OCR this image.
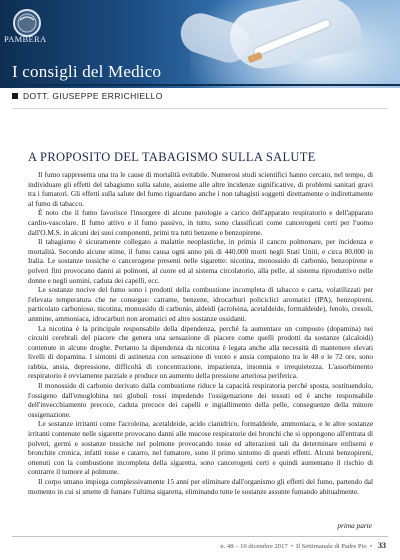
PAMBERA
I consigli del Medico
DOTT. GIUSEPPE ERRICHIELLO
A PROPOSITO DEL TABAGISMO SULLA SALUTE

Il fumo rappresenta una tra le cause di mortalità evitabile. Numerosi studi scientifici hanno cercato, nel tempo, di individuare gli effetti del tabagismo sulla salute, assieme alle altre incidenze significative, di problemi sanitari gravi tra i fumatori. Gli effetti sulla salute del fumo riguardano anche i non tabagisti soggetti direttamente o indirettamente al fumo di tabacco.

È noto che il fumo favorisce l'insorgere di alcune patologie a carico dell'apparato respiratorio e dell'apparato cardio-vascolare. Il fumo attivo e il fumo passivo, in tutto, sono classificati come cancerogeni certi per l'uomo dall'O.M.S. in alcuni dei suoi componenti, primi tra tutti benzene e benzopirene.

Il tabagismo è sicuramente collegato a malattie neoplastiche, in primis il cancro polmonare, per incidenza e mortalità. Secondo alcune stime, il fumo causa ogni anno più di 440.000 morti negli Stati Uniti, e circa 80.000 in Italia. Le sostanze tossiche o cancerogene presenti nelle sigarette: nicotina, monossido di carbonio, benzopirene e polveri fini provocano danni ai polmoni, al cuore ed al sistema circolatorio, alla pelle, al sistema riproduttivo nelle donne e negli uomini, caduta dei capelli, ecc.

Le sostanze nocive del fumo sono i prodotti della combustione incompleta di tabacco e carta, volatilizzati per l'elevata temperatura che ne consegue: catrame, benzene, idrocarburi policiclici aromatici (IPA), benzopireni, particolato carbonioso, nicotina, monossido di carbonio, aldeidi (acroleina, acetaldeide, formaldeide), fenolo, cresoli, ammine, ammoniaca, idrocarburi non aromatici ed altre sostanze ossidanti.

La nicotina è la principale responsabile della dipendenza, perché fa aumentare un composto (dopamina) nei circuiti cerebrali del piacere che genera una sensazione di piacere come quelli prodotti da sostanze (alcaloidi) contenute in alcune droghe. Pertanto la dipendenza da nicotina è legata anche alla necessità di mantenere elevati livelli di dopamina. I sintomi di astinenza con sensazione di vuoto e ansia compaiono tra le 48 e le 72 ore, sono rabbia, ansia, depressione, difficoltà di concentrazione, impazienza, insonnia e irrequietezza. L'assorbimento respiratorio è ovviamente parziale e produce un aumento della pressione arteriosa periferica.

Il monossido di carbonio derivato dalla combustione riduce la capacità respiratoria perché sposta, sostituendolo, l'ossigeno dall'emoglobina nei globuli rossi impedendo l'ossigenazione dei tessuti ed è anche responsabile dell'invecchiamento precoce, caduta precoce dei capelli e ingiallimento della pelle, conseguenze della minore ossigenazione.

Le sostanze irritanti come l'acroleina, acetaldeide, acido cianidrico, formaldeide, ammoniaca, e le altre sostanze irritanti contenute nelle sigarette provocano danni alle mucose respiratorie dei bronchi che si oppongono all'entrata di polveri, germi e sostanze tossiche nel polmone provocando tosse ed alterazioni tali da determinare enfisemi e bronchite cronica, infatti tosse e catarro, nel fumatore, sono il primo sintomo di questi effetti. Alcuni benzopireni, ottenuti con la combustione incompleta della sigaretta, sono cancerogeni certi e quindi aumentano il rischio di contrarre il tumore al polmone.

Il corpo umano impiega complessivamente 15 anni per eliminare dall'organismo gli effetti del fumo, partendo dal momento in cui si smette di fumare l'ultima sigaretta, eliminando tutte le sostanze assunte fumando abitualmente.

prima parte
n. 48 – 10 dicembre 2017 • Il Settimanale di Padre Pio • 33
